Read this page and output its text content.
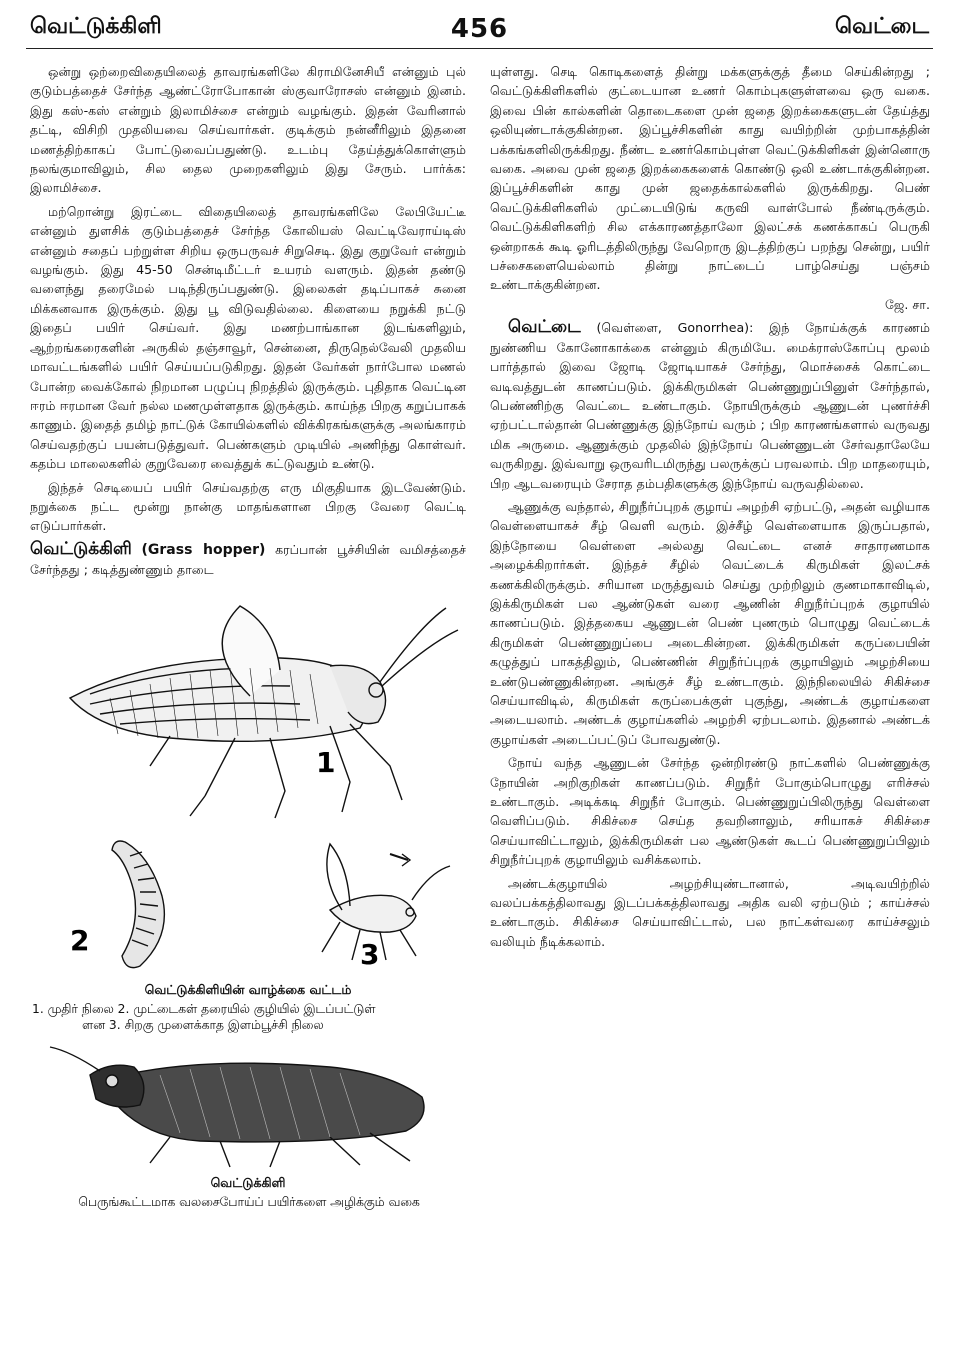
வெட்டுக்கிளி	456	வெட்டை

ஒன்று ஒற்றைவிதையிலைத் தாவரங்களிலே கிராமினேசியீ என்னும் புல் குடும்பத்தைச் சேர்ந்த ஆண்ட்ரோபோகான் ஸ்குவாரோசஸ் என்னும் இனம். இது கஸ்-கஸ் என்றும் இலாமிச்சை என்றும் வழங்கும். இதன் வேரினால் தட்டி, விசிறி முதலியவை செய்வார்கள். குடிக்கும் நன்னீரிலும் இதனை மணத்திற்காகப் போட்டுவைப்பதுண்டு. உடம்பு தேய்த்துக்கொள்ளும் நலங்குமாவிலும், சில தைல முறைகளிலும் இது சேரும். பார்க்க: இலாமிச்சை.

மற்றொன்று இரட்டை விதையிலைத் தாவரங்களிலே லேபியேட்டீ என்னும் துளசிக் குடும்பத்தைச் சேர்ந்த கோலியஸ் வெட்டிவேராய்டிஸ் என்னும் சதைப் பற்றுள்ள சிறிய ஒருபருவச் சிறுசெடி. இது குறுவேர் என்றும் வழங்கும். இது 45-50 சென்டிமீட்டர் உயரம் வளரும். இதன் தண்டு வளைந்து தரைமேல் படிந்திருப்பதுண்டு. இலைகள் தடிப்பாகச் சுனை மிக்கனவாக இருக்கும். இது பூ விடுவதில்லை. கிளையை நறுக்கி நட்டு இதைப் பயிர் செய்வர். இது மணற்பாங்கான இடங்களிலும், ஆற்றங்கரைகளின் அருகில் தஞ்சாவூர், சென்னை, திருநெல்வேலி முதலிய மாவட்டங்களில் பயிர் செய்யப்படுகிறது. இதன் வேர்கள் நார்போல மணல் போன்ற வைக்கோல் நிறமான பழுப்பு நிறத்தில் இருக்கும். புதிதாக வெட்டின ஈரம் ஈரமான வேர் நல்ல மணமுள்ளதாக இருக்கும். காய்ந்த பிறகு கறுப்பாகக் காணும். இதைத் தமிழ் நாட்டுக் கோயில்களில் விக்கிரகங்களுக்கு அலங்காரம் செய்வதற்குப் பயன்படுத்துவர். பெண்களும் முடியில் அணிந்து கொள்வர். கதம்ப மாலைகளில் குறுவேரை வைத்துக் கட்டுவதும் உண்டு.

இந்தச் செடியைப் பயிர் செய்வதற்கு எரு மிகுதியாக இடவேண்டும். நறுக்கை நட்ட மூன்று நான்கு மாதங்களான பிறகு வேரை வெட்டி எடுப்பார்கள்.

வெட்டுக்கிளி (Grass hopper) கரப்பான் பூச்சியின் வமிசத்தைச் சேர்ந்தது ; கடித்துண்ணும் தாடை

1
2	3
வெட்டுக்கிளியின் வாழ்க்கை வட்டம்
1. முதிர் நிலை 2. முட்டைகள் தரையில் குழியில் இடப்பட்டுள்
ளன 3. சிறகு முளைக்காத இளம்பூச்சி நிலை
வெட்டுக்கிளி
பெருங்கூட்டமாக வலசைபோய்ப் பயிர்களை அழிக்கும் வகை

யுள்ளது. செடி கொடிகளைத் தின்று மக்களுக்குத் தீமை செய்கின்றது ; வெட்டுக்கிளிகளில் குட்டையான உணர் கொம்புகளுள்ளவை ஒரு வகை. இவை பின் கால்களின் தொடைகளை முன் ஜதை இறக்கைகளுடன் தேய்த்து ஒலியுண்டாக்குகின்றன. இப்பூச்சிகளின் காது வயிற்றின் முற்பாகத்தின் பக்கங்களிலிருக்கிறது. நீண்ட உணர்கொம்புள்ள வெட்டுக்கிளிகள் இன்னொரு வகை. அவை முன் ஜதை இறக்கைகளைக் கொண்டு ஒலி உண்டாக்குகின்றன. இப்பூச்சிகளின் காது முன் ஜதைக்கால்களில் இருக்கிறது. பெண் வெட்டுக்கிளிகளில் முட்டையிடுங் கருவி வாள்போல் நீண்டிருக்கும். வெட்டுக்கிளிகளிற் சில எக்காரணத்தாலோ இலட்சக் கணக்காகப் பெருகி ஒன்றாகக் கூடி ஓரிடத்திலிருந்து வேறொரு இடத்திற்குப் பறந்து சென்று, பயிர் பச்சைகளையெல்லாம் தின்று நாட்டைப் பாழ்செய்து பஞ்சம் உண்டாக்குகின்றன.

ஜே. சா.

வெட்டை (வெள்ளை, Gonorrhea): இந் நோய்க்குக் காரணம் நுண்ணிய கோனோகாக்கை என்னும் கிருமியே. மைக்ராஸ்கோப்பு மூலம் பார்த்தால் இவை ஜோடி ஜோடியாகச் சேர்ந்து, மொச்சைக் கொட்டை வடிவத்துடன் காணப்படும். இக்கிருமிகள் பெண்ணுறுப்பினுள் சேர்ந்தால், பெண்ணிற்கு வெட்டை உண்டாகும். நோயிருக்கும் ஆணுடன் புணர்ச்சி ஏற்பட்டால்தான் பெண்ணுக்கு இந்நோய் வரும் ; பிற காரணங்களால் வருவது மிக அருமை. ஆணுக்கும் முதலில் இந்நோய் பெண்ணுடன் சேர்வதாலேயே வருகிறது. இவ்வாறு ஒருவரிடமிருந்து பலருக்குப் பரவலாம். பிற மாதரையும், பிற ஆடவரையும் சேராத தம்பதிகளுக்கு இந்நோய் வருவதில்லை.

ஆணுக்கு வந்தால், சிறுநீர்ப்புறக் குழாய் அழற்சி ஏற்பட்டு, அதன் வழியாக வெள்ளையாகச் சீழ் வெளி வரும். இச்சீழ் வெள்ளையாக இருப்பதால், இந்நோயை வெள்ளை அல்லது வெட்டை எனச் சாதாரணமாக அழைக்கிறார்கள். இந்தச் சீழில் வெட்டைக் கிருமிகள் இலட்சக் கணக்கிலிருக்கும். சரியான மருத்துவம் செய்து முற்றிலும் குணமாகாவிடில், இக்கிருமிகள் பல ஆண்டுகள் வரை ஆணின் சிறுநீர்ப்புறக் குழாயில் காணப்படும். இத்தகைய ஆணுடன் பெண் புணரும் பொழுது வெட்டைக் கிருமிகள் பெண்ணுறுப்பை அடைகின்றன. இக்கிருமிகள் கருப்பையின் கழுத்துப் பாகத்திலும், பெண்ணின் சிறுநீர்ப்புறக் குழாயிலும் அழற்சியை உண்டுபண்ணுகின்றன. அங்குச் சீழ் உண்டாகும். இந்நிலையில் சிகிச்சை செய்யாவிடில், கிருமிகள் கருப்பைக்குள் புகுந்து, அண்டக் குழாய்களை அடையலாம். அண்டக் குழாய்களில் அழற்சி ஏற்படலாம். இதனால் அண்டக் குழாய்கள் அடைப்பட்டுப் போவதுண்டு.

நோய் வந்த ஆணுடன் சேர்ந்த ஒன்றிரண்டு நாட்களில் பெண்ணுக்கு நோயின் அறிகுறிகள் காணப்படும். சிறுநீர் போகும்பொழுது எரிச்சல் உண்டாகும். அடிக்கடி சிறுநீர் போகும். பெண்ணுறுப்பிலிருந்து வெள்ளை வெளிப்படும். சிகிச்சை செய்த தவறினாலும், சரியாகச் சிகிச்சை செய்யாவிட்டாலும், இக்கிருமிகள் பல ஆண்டுகள் கூடப் பெண்ணுறுப்பிலும் சிறுநீர்ப்புறக் குழாயிலும் வசிக்கலாம்.

அண்டக்குழாயில் அழற்சியுண்டானால், அடிவயிற்றில் வலப்பக்கத்திலாவது இடப்பக்கத்திலாவது அதிக வலி ஏற்படும் ; காய்ச்சல் உண்டாகும். சிகிச்சை செய்யாவிட்டால், பல நாட்கள்வரை காய்ச்சலும் வலியும் நீடிக்கலாம்.
